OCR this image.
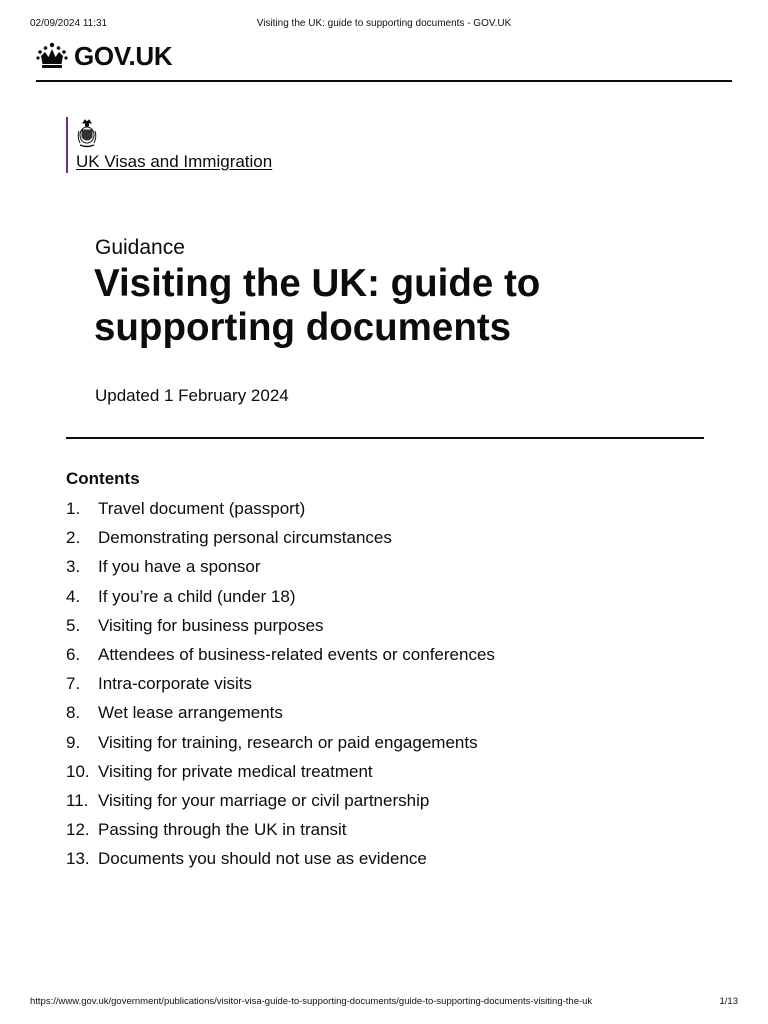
02/09/2024 11:31	Visiting the UK: guide to supporting documents - GOV.UK
GOV.UK
UK Visas and Immigration
Guidance
Visiting the UK: guide to supporting documents
Updated 1 February 2024
Contents
1.	Travel document (passport)
2.	Demonstrating personal circumstances
3.	If you have a sponsor
4.	If you’re a child (under 18)
5.	Visiting for business purposes
6.	Attendees of business-related events or conferences
7.	Intra-corporate visits
8.	Wet lease arrangements
9.	Visiting for training, research or paid engagements
10. Visiting for private medical treatment
11. Visiting for your marriage or civil partnership
12. Passing through the UK in transit
13. Documents you should not use as evidence
https://www.gov.uk/government/publications/visitor-visa-guide-to-supporting-documents/guide-to-supporting-documents-visiting-the-uk	1/13
